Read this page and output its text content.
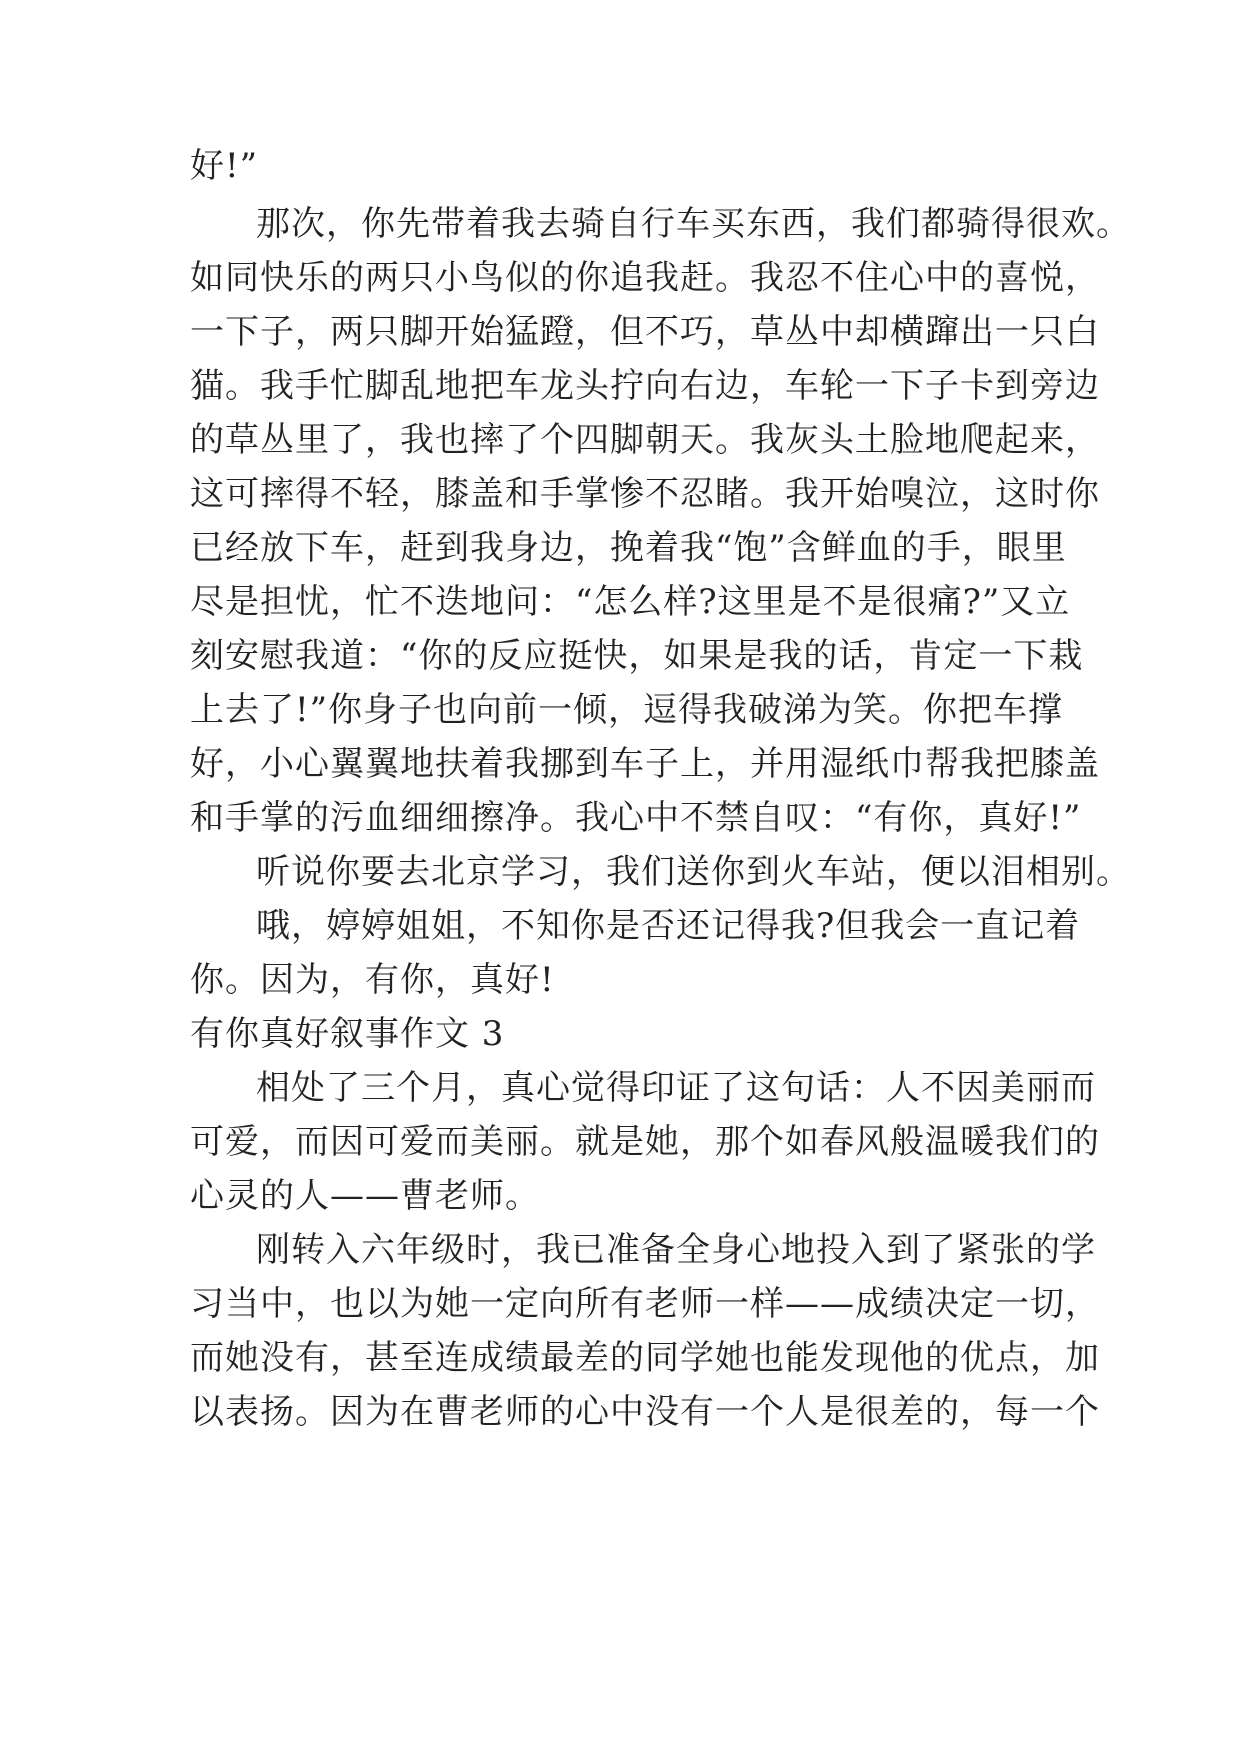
好!”
那次，你先带着我去骑自行车买东西，我们都骑得很欢。
如同快乐的两只小鸟似的你追我赶。我忍不住心中的喜悦，
一下子，两只脚开始猛蹬，但不巧，草丛中却横蹿出一只白
猫。我手忙脚乱地把车龙头拧向右边，车轮一下子卡到旁边
的草丛里了，我也摔了个四脚朝天。我灰头土脸地爬起来，
这可摔得不轻，膝盖和手掌惨不忍睹。我开始嗅泣，这时你
已经放下车，赶到我身边，挽着我“饱”含鲜血的手，眼里
尽是担忧，忙不迭地问：“怎么样?这里是不是很痛?”又立
刻安慰我道：“你的反应挺快，如果是我的话，肯定一下栽
上去了!”你身子也向前一倾，逗得我破涕为笑。你把车撑
好，小心翼翼地扶着我挪到车子上，并用湿纸巾帮我把膝盖
和手掌的污血细细擦净。我心中不禁自叹：“有你，真好!”
听说你要去北京学习，我们送你到火车站，便以泪相别。
哦，婷婷姐姐，不知你是否还记得我?但我会一直记着
你。因为，有你，真好!
有你真好叙事作文 3
相处了三个月，真心觉得印证了这句话：人不因美丽而
可爱，而因可爱而美丽。就是她，那个如春风般温暖我们的
心灵的人——曹老师。
刚转入六年级时，我已准备全身心地投入到了紧张的学
习当中，也以为她一定向所有老师一样——成绩决定一切，
而她没有，甚至连成绩最差的同学她也能发现他的优点，加
以表扬。因为在曹老师的心中没有一个人是很差的，每一个
